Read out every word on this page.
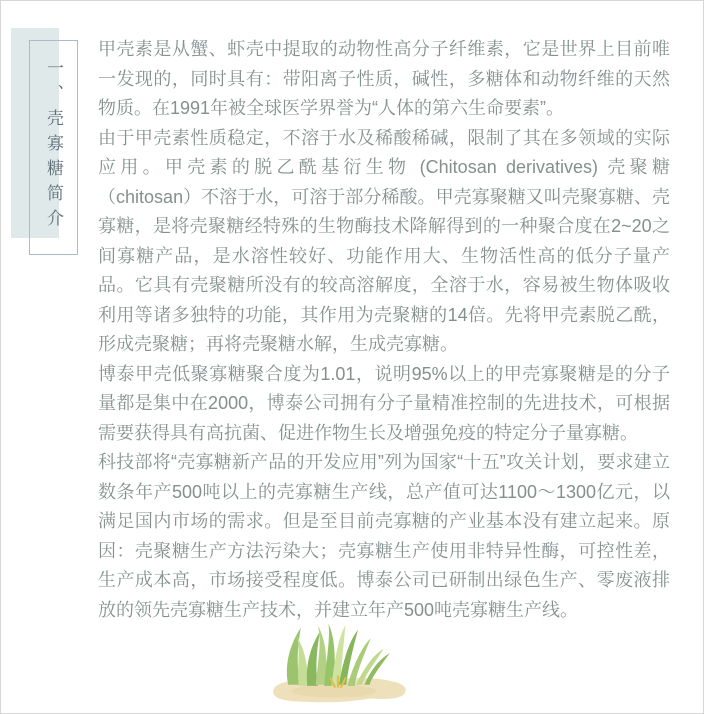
一、壳寡糖简介

甲壳素是从蟹、虾壳中提取的动物性高分子纤维素，它是世界上目前唯一发现的，同时具有：带阳离子性质，碱性，多糖体和动物纤维的天然物质。在1991年被全球医学界誉为“人体的第六生命要素”。

由于甲壳素性质稳定，不溶于水及稀酸稀碱，限制了其在多领域的实际应用。甲壳素的脱乙酰基衍生物 (Chitosan derivatives) 壳聚糖（chitosan）不溶于水，可溶于部分稀酸。甲壳寡聚糖又叫壳聚寡糖、壳寡糖，是将壳聚糖经特殊的生物酶技术降解得到的一种聚合度在2~20之间寡糖产品，是水溶性较好、功能作用大、生物活性高的低分子量产品。它具有壳聚糖所没有的较高溶解度，全溶于水，容易被生物体吸收利用等诸多独特的功能，其作用为壳聚糖的14倍。先将甲壳素脱乙酰，形成壳聚糖；再将壳聚糖水解，生成壳寡糖。

博泰甲壳低聚寡糖聚合度为1.01，说明95%以上的甲壳寡聚糖是的分子量都是集中在2000，博泰公司拥有分子量精准控制的先进技术，可根据需要获得具有高抗菌、促进作物生长及增强免疫的特定分子量寡糖。

科技部将“壳寡糖新产品的开发应用”列为国家“十五”攻关计划，要求建立数条年产500吨以上的壳寡糖生产线，总产值可达1100～1300亿元，以满足国内市场的需求。但是至目前壳寡糖的产业基本没有建立起来。原因：壳聚糖生产方法污染大；壳寡糖生产使用非特异性酶，可控性差，生产成本高，市场接受程度低。博泰公司已研制出绿色生产、零废液排放的领先壳寡糖生产技术，并建立年产500吨壳寡糖生产线。
